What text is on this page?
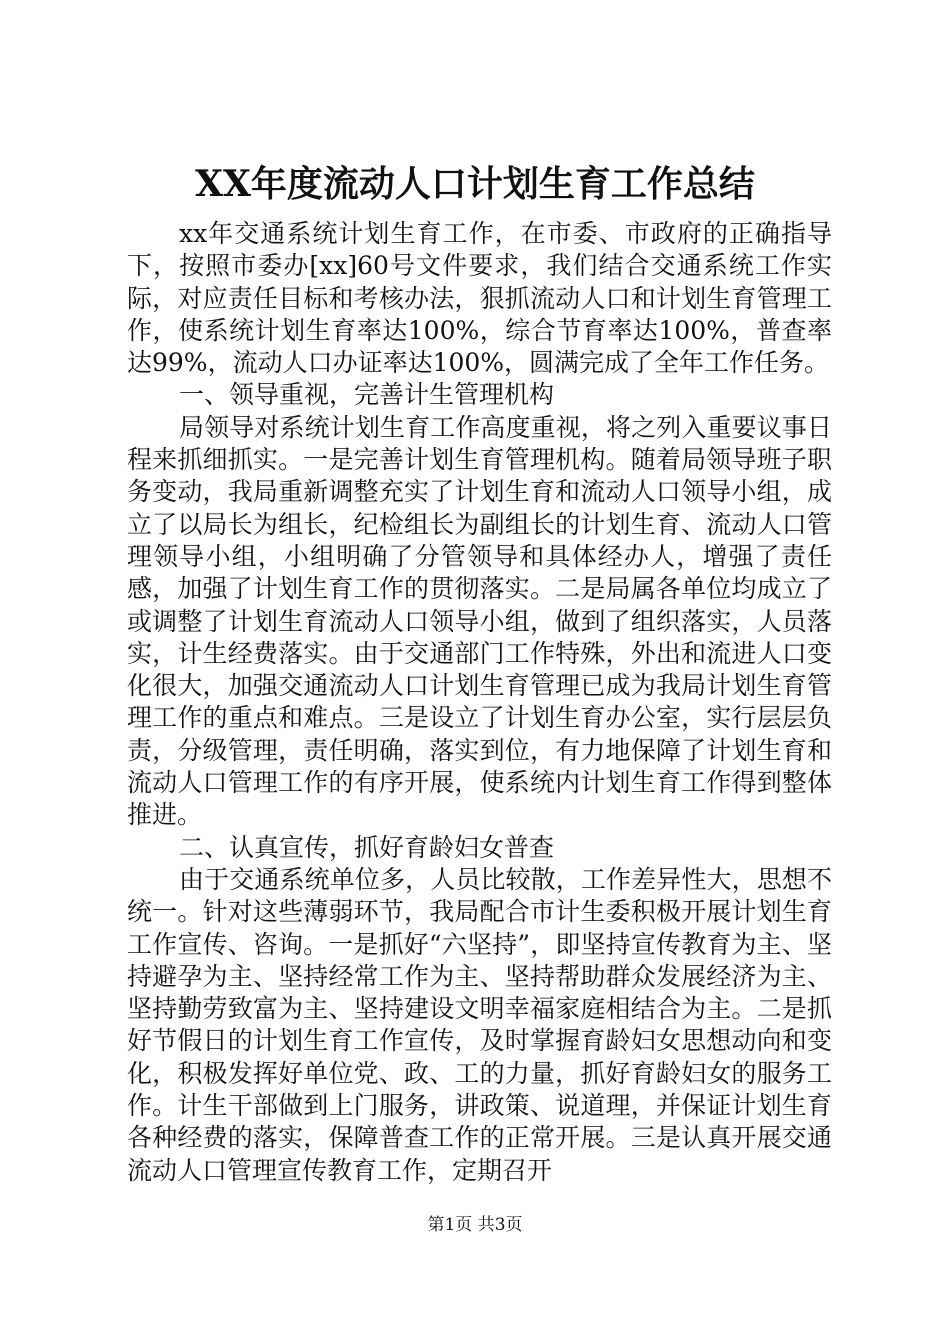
XX年度流动人口计划生育工作总结

xx年交通系统计划生育工作，在市委、市政府的正确指导下，按照市委办[xx]60号文件要求，我们结合交通系统工作实际，对应责任目标和考核办法，狠抓流动人口和计划生育管理工作，使系统计划生育率达100%，综合节育率达100%，普查率达99%，流动人口办证率达100%，圆满完成了全年工作任务。

一、领导重视，完善计生管理机构

局领导对系统计划生育工作高度重视，将之列入重要议事日程来抓细抓实。一是完善计划生育管理机构。随着局领导班子职务变动，我局重新调整充实了计划生育和流动人口领导小组，成立了以局长为组长，纪检组长为副组长的计划生育、流动人口管理领导小组，小组明确了分管领导和具体经办人，增强了责任感，加强了计划生育工作的贯彻落实。二是局属各单位均成立了或调整了计划生育流动人口领导小组，做到了组织落实，人员落实，计生经费落实。由于交通部门工作特殊，外出和流进人口变化很大，加强交通流动人口计划生育管理已成为我局计划生育管理工作的重点和难点。三是设立了计划生育办公室，实行层层负责，分级管理，责任明确，落实到位，有力地保障了计划生育和流动人口管理工作的有序开展，使系统内计划生育工作得到整体推进。

二、认真宣传，抓好育龄妇女普查

由于交通系统单位多，人员比较散，工作差异性大，思想不统一。针对这些薄弱环节，我局配合市计生委积极开展计划生育工作宣传、咨询。一是抓好“六坚持”，即坚持宣传教育为主、坚持避孕为主、坚持经常工作为主、坚持帮助群众发展经济为主、坚持勤劳致富为主、坚持建设文明幸福家庭相结合为主。二是抓好节假日的计划生育工作宣传，及时掌握育龄妇女思想动向和变化，积极发挥好单位党、政、工的力量，抓好育龄妇女的服务工作。计生干部做到上门服务，讲政策、说道理，并保证计划生育各种经费的落实，保障普查工作的正常开展。三是认真开展交通流动人口管理宣传教育工作，定期召开

第1页 共3页
